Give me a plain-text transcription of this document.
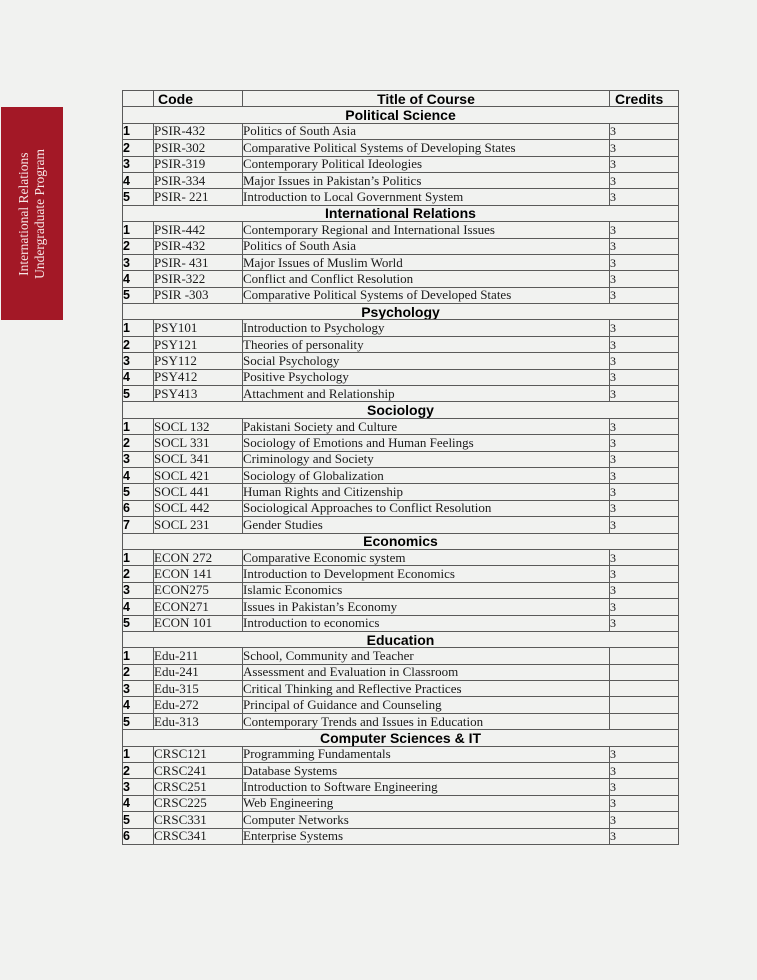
International Relations Undergraduate Program
	Code	Title of Course	Credits
Political Science			
1	PSIR-432	Politics of South Asia	3
2	PSIR-302	Comparative Political Systems of Developing States	3
3	PSIR-319	Contemporary Political Ideologies	3
4	PSIR-334	Major Issues in Pakistan’s Politics	3
5	PSIR- 221	Introduction to Local Government System	3
International Relations			
1	PSIR-442	Contemporary Regional and International Issues	3
2	PSIR-432	Politics of South Asia	3
3	PSIR- 431	Major Issues of Muslim World	3
4	PSIR-322	Conflict and Conflict Resolution	3
5	PSIR -303	Comparative Political Systems of Developed States	3
Psychology			
1	PSY101	Introduction to Psychology	3
2	PSY121	Theories of personality	3
3	PSY112	Social Psychology	3
4	PSY412	Positive Psychology	3
5	PSY413	Attachment and Relationship	3
Sociology			
1	SOCL 132	Pakistani Society and Culture	3
2	SOCL 331	Sociology of Emotions and Human Feelings	3
3	SOCL 341	Criminology and Society	3
4	SOCL 421	Sociology of Globalization	3
5	SOCL 441	Human Rights and Citizenship	3
6	SOCL 442	Sociological Approaches to Conflict Resolution	3
7	SOCL 231	Gender Studies	3
Economics			
1	ECON 272	Comparative Economic system	3
2	ECON 141	Introduction to Development Economics	3
3	ECON275	Islamic Economics	3
4	ECON271	Issues in Pakistan’s Economy	3
5	ECON 101	Introduction to economics	3
Education			
1	Edu-211	School, Community and Teacher	
2	Edu-241	Assessment and Evaluation in Classroom	
3	Edu-315	Critical Thinking and Reflective Practices	
4	Edu-272	Principal of Guidance and Counseling	
5	Edu-313	Contemporary Trends and Issues in Education	
Computer Sciences & IT			
1	CRSC121	Programming Fundamentals	3
2	CRSC241	Database Systems	3
3	CRSC251	Introduction to Software Engineering	3
4	CRSC225	Web Engineering	3
5	CRSC331	Computer Networks	3
6	CRSC341	Enterprise Systems	3
